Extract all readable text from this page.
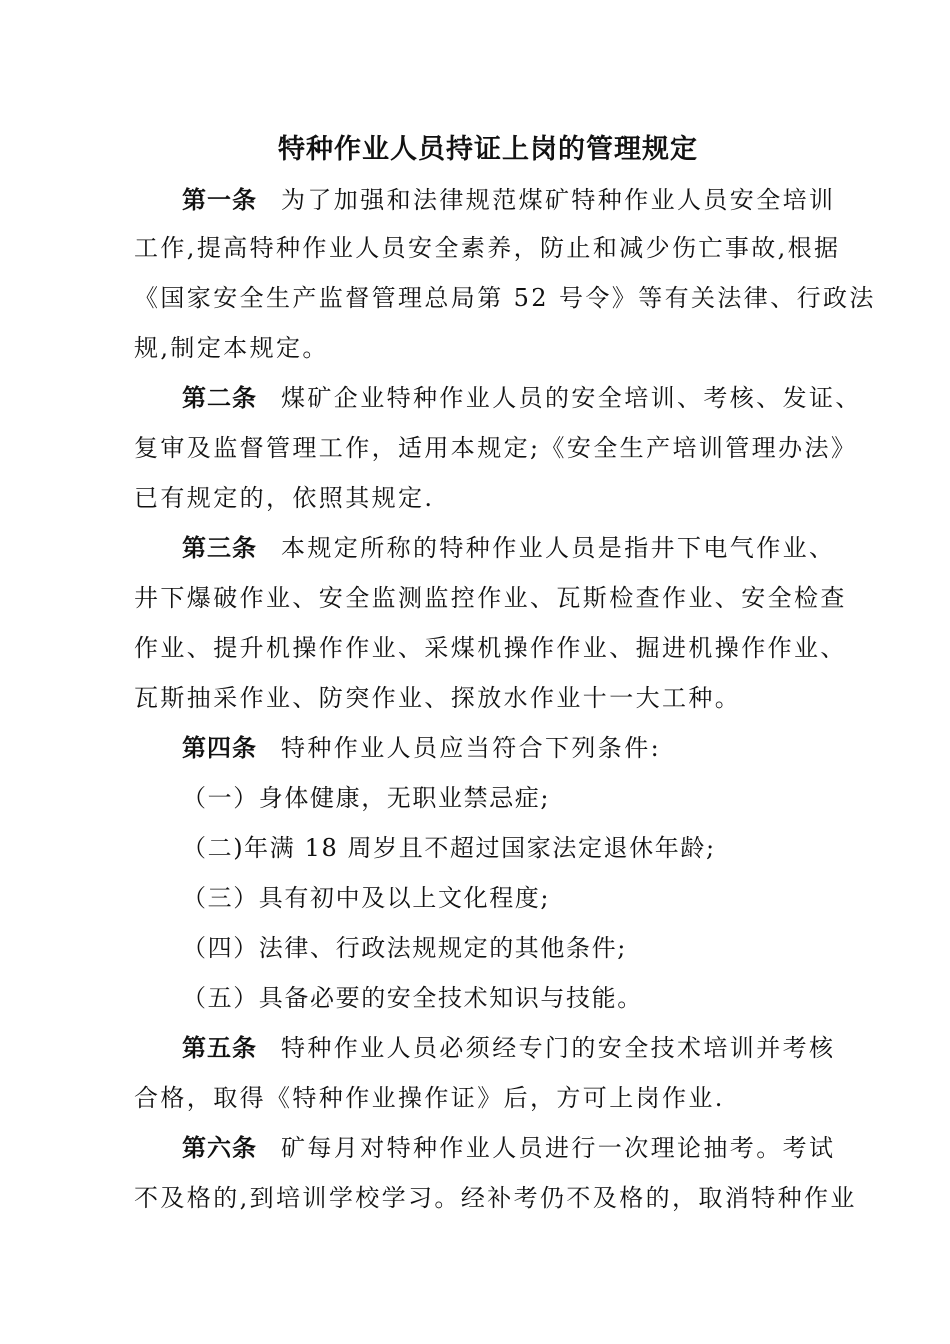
特种作业人员持证上岗的管理规定
第一条 为了加强和法律规范煤矿特种作业人员安全培训
工作,提高特种作业人员安全素养，防止和减少伤亡事故,根据
《国家安全生产监督管理总局第 52 号令》等有关法律、行政法
规,制定本规定。
第二条 煤矿企业特种作业人员的安全培训、考核、发证、
复审及监督管理工作，适用本规定;《安全生产培训管理办法》
已有规定的，依照其规定.
第三条 本规定所称的特种作业人员是指井下电气作业、
井下爆破作业、安全监测监控作业、瓦斯检查作业、安全检查
作业、提升机操作作业、采煤机操作作业、掘进机操作作业、
瓦斯抽采作业、防突作业、探放水作业十一大工种。
第四条 特种作业人员应当符合下列条件:
（一）身体健康，无职业禁忌症;
（二)年满 18 周岁且不超过国家法定退休年龄;
（三）具有初中及以上文化程度;
（四）法律、行政法规规定的其他条件;
（五）具备必要的安全技术知识与技能。
第五条 特种作业人员必须经专门的安全技术培训并考核
合格，取得《特种作业操作证》后，方可上岗作业.
第六条 矿每月对特种作业人员进行一次理论抽考。考试
不及格的,到培训学校学习。经补考仍不及格的，取消特种作业
